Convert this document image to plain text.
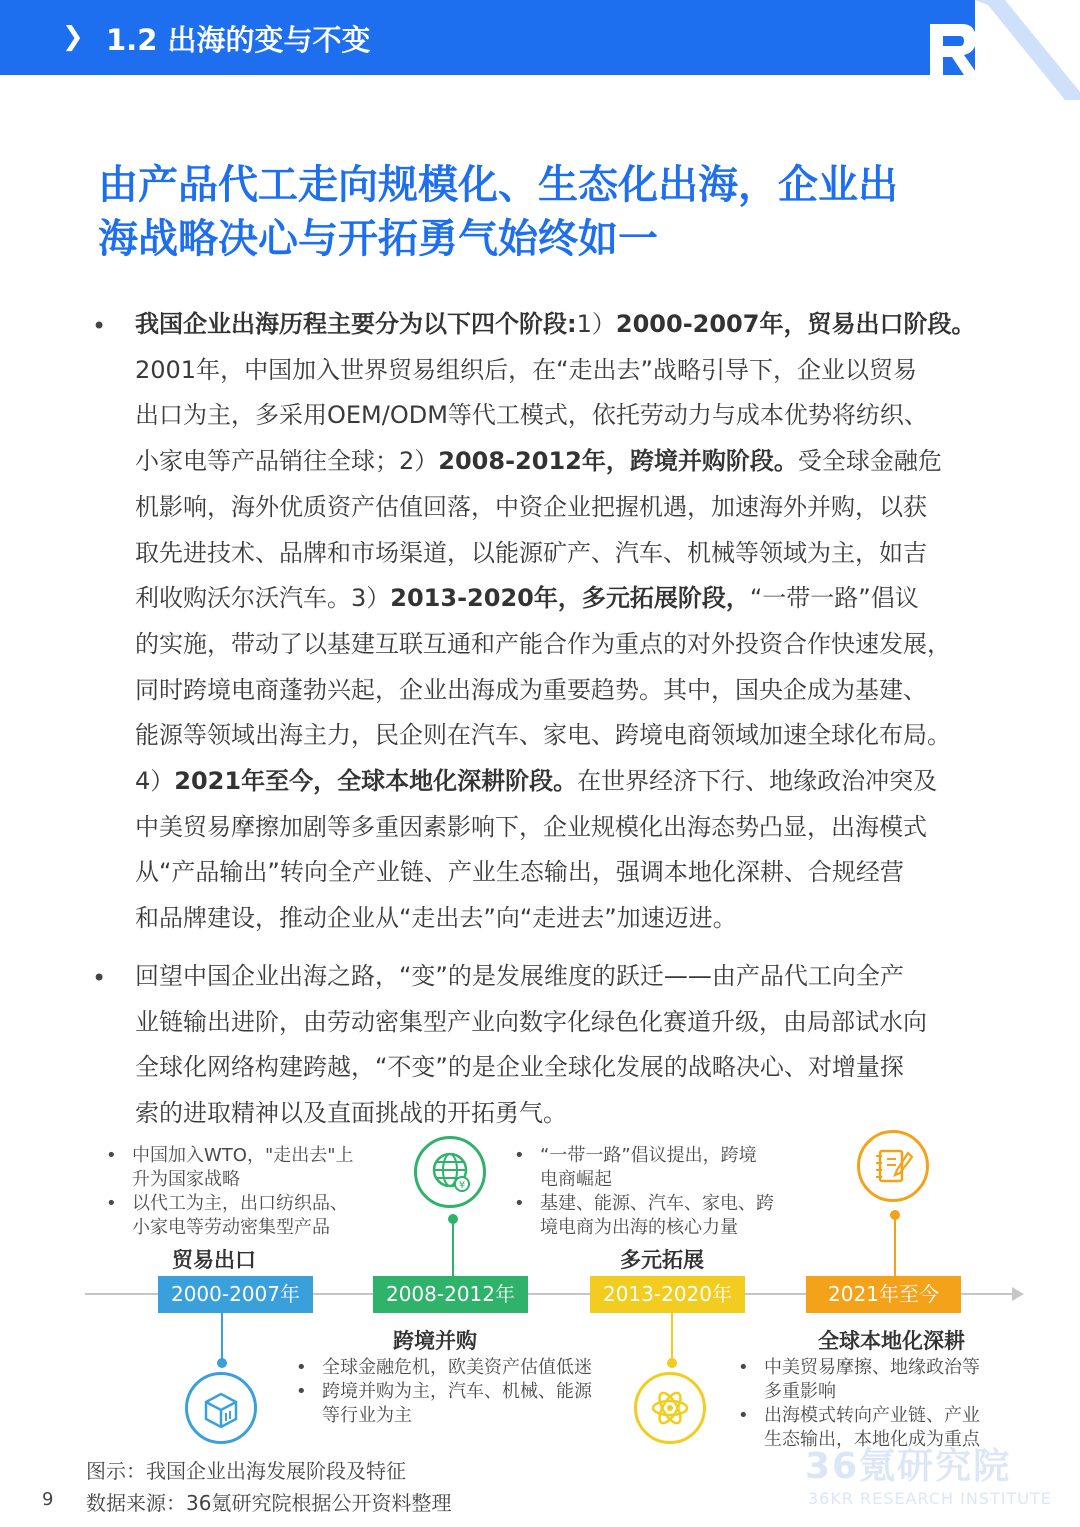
❯ 1.2 出海的变与不变
由产品代工走向规模化、生态化出海，企业出
海战略决心与开拓勇气始终如一
• 我国企业出海历程主要分为以下四个阶段:1）2000-2007年，贸易出口阶段。
2001年，中国加入世界贸易组织后，在“走出去”战略引导下，企业以贸易
出口为主，多采用OEM/ODM等代工模式，依托劳动力与成本优势将纺织、
小家电等产品销往全球；2）2008-2012年，跨境并购阶段。受全球金融危
机影响，海外优质资产估值回落，中资企业把握机遇，加速海外并购，以获
取先进技术、品牌和市场渠道，以能源矿产、汽车、机械等领域为主，如吉
利收购沃尔沃汽车。3）2013-2020年，多元拓展阶段，“一带一路”倡议
的实施，带动了以基建互联互通和产能合作为重点的对外投资合作快速发展，
同时跨境电商蓬勃兴起，企业出海成为重要趋势。其中，国央企成为基建、
能源等领域出海主力，民企则在汽车、家电、跨境电商领域加速全球化布局。
4）2021年至今，全球本地化深耕阶段。在世界经济下行、地缘政治冲突及
中美贸易摩擦加剧等多重因素影响下，企业规模化出海态势凸显，出海模式
从“产品输出”转向全产业链、产业生态输出，强调本地化深耕、合规经营
和品牌建设，推动企业从“走出去”向“走进去”加速迈进。
• 回望中国企业出海之路，“变”的是发展维度的跃迁——由产品代工向全产
业链输出进阶，由劳动密集型产业向数字化绿色化赛道升级，由局部试水向
全球化网络构建跨越，“不变”的是企业全球化发展的战略决心、对增量探
索的进取精神以及直面挑战的开拓勇气。
• 中国加入WTO，"走出去"上
升为国家战略
• 以代工为主，出口纺织品、
小家电等劳动密集型产品
贸易出口
2000-2007年
¥
2008-2012年
跨境并购
• 全球金融危机，欧美资产估值低迷
• 跨境并购为主，汽车、机械、能源
等行业为主
• “一带一路”倡议提出，跨境
电商崛起
• 基建、能源、汽车、家电、跨
境电商为出海的核心力量
多元拓展
2013-2020年	2021年至今
全球本地化深耕
• 中美贸易摩擦、地缘政治等
多重影响
• 出海模式转向产业链、产业
生态输出，本地化成为重点
36氪研究院
36KR RESEARCH INSTITUTE
图示：我国企业出海发展阶段及特征
数据来源：36氪研究院根据公开资料整理
9
